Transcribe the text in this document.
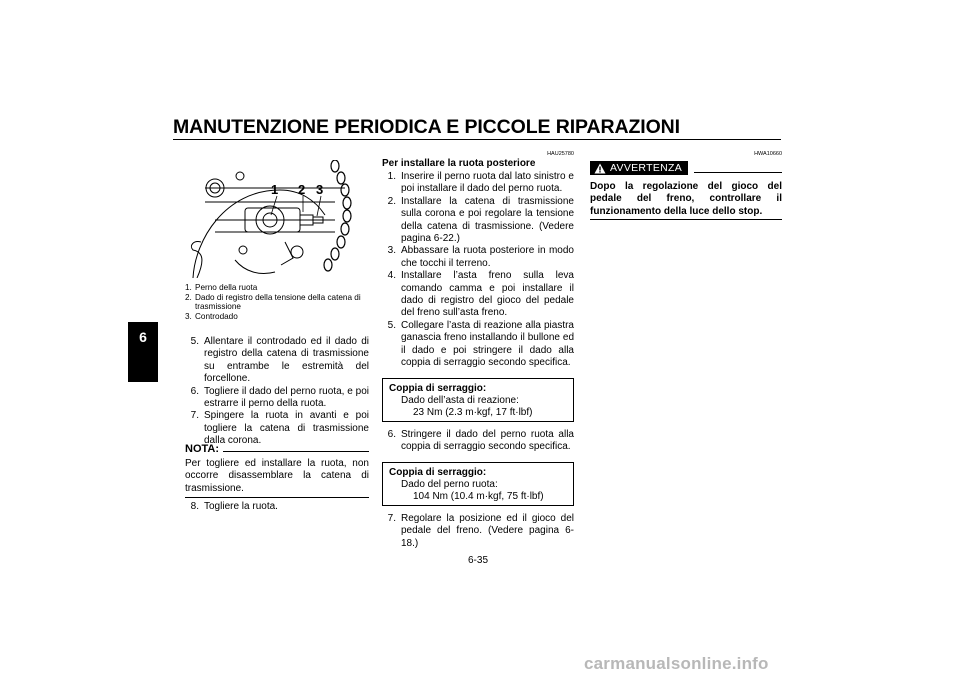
MANUTENZIONE PERIODICA E PICCOLE RIPARAZIONI
6
1 2 3
1. Perno della ruota
2. Dado di registro della tensione della catena di trasmissione
3. Controdado
5. Allentare il controdado ed il dado di registro della catena di trasmissione su entrambe le estremità del forcellone.
6. Togliere il dado del perno ruota, e poi estrarre il perno della ruota.
7. Spingere la ruota in avanti e poi togliere la catena di trasmissione dalla corona.
NOTA:
Per togliere ed installare la ruota, non occorre disassemblare la catena di trasmissione.
8. Togliere la ruota.
HAU25780
Per installare la ruota posteriore
1. Inserire il perno ruota dal lato sinistro e poi installare il dado del perno ruota.
2. Installare la catena di trasmissione sulla corona e poi regolare la tensione della catena di trasmissione. (Vedere pagina 6-22.)
3. Abbassare la ruota posteriore in modo che tocchi il terreno.
4. Installare l’asta freno sulla leva comando camma e poi installare il dado di registro del gioco del pedale del freno sull’asta freno.
5. Collegare l’asta di reazione alla piastra ganascia freno installando il bullone ed il dado e poi stringere il dado alla coppia di serraggio secondo specifica.
Coppia di serraggio:
Dado dell’asta di reazione:
23 Nm (2.3 m·kgf, 17 ft·lbf)
6. Stringere il dado del perno ruota alla coppia di serraggio secondo specifica.
Coppia di serraggio:
Dado del perno ruota:
104 Nm (10.4 m·kgf, 75 ft·lbf)
7. Regolare la posizione ed il gioco del pedale del freno. (Vedere pagina 6-18.)
HWA10660
AVVERTENZA
Dopo la regolazione del gioco del pedale del freno, controllare il funzionamento della luce dello stop.
6-35
carmanualsonline.info
